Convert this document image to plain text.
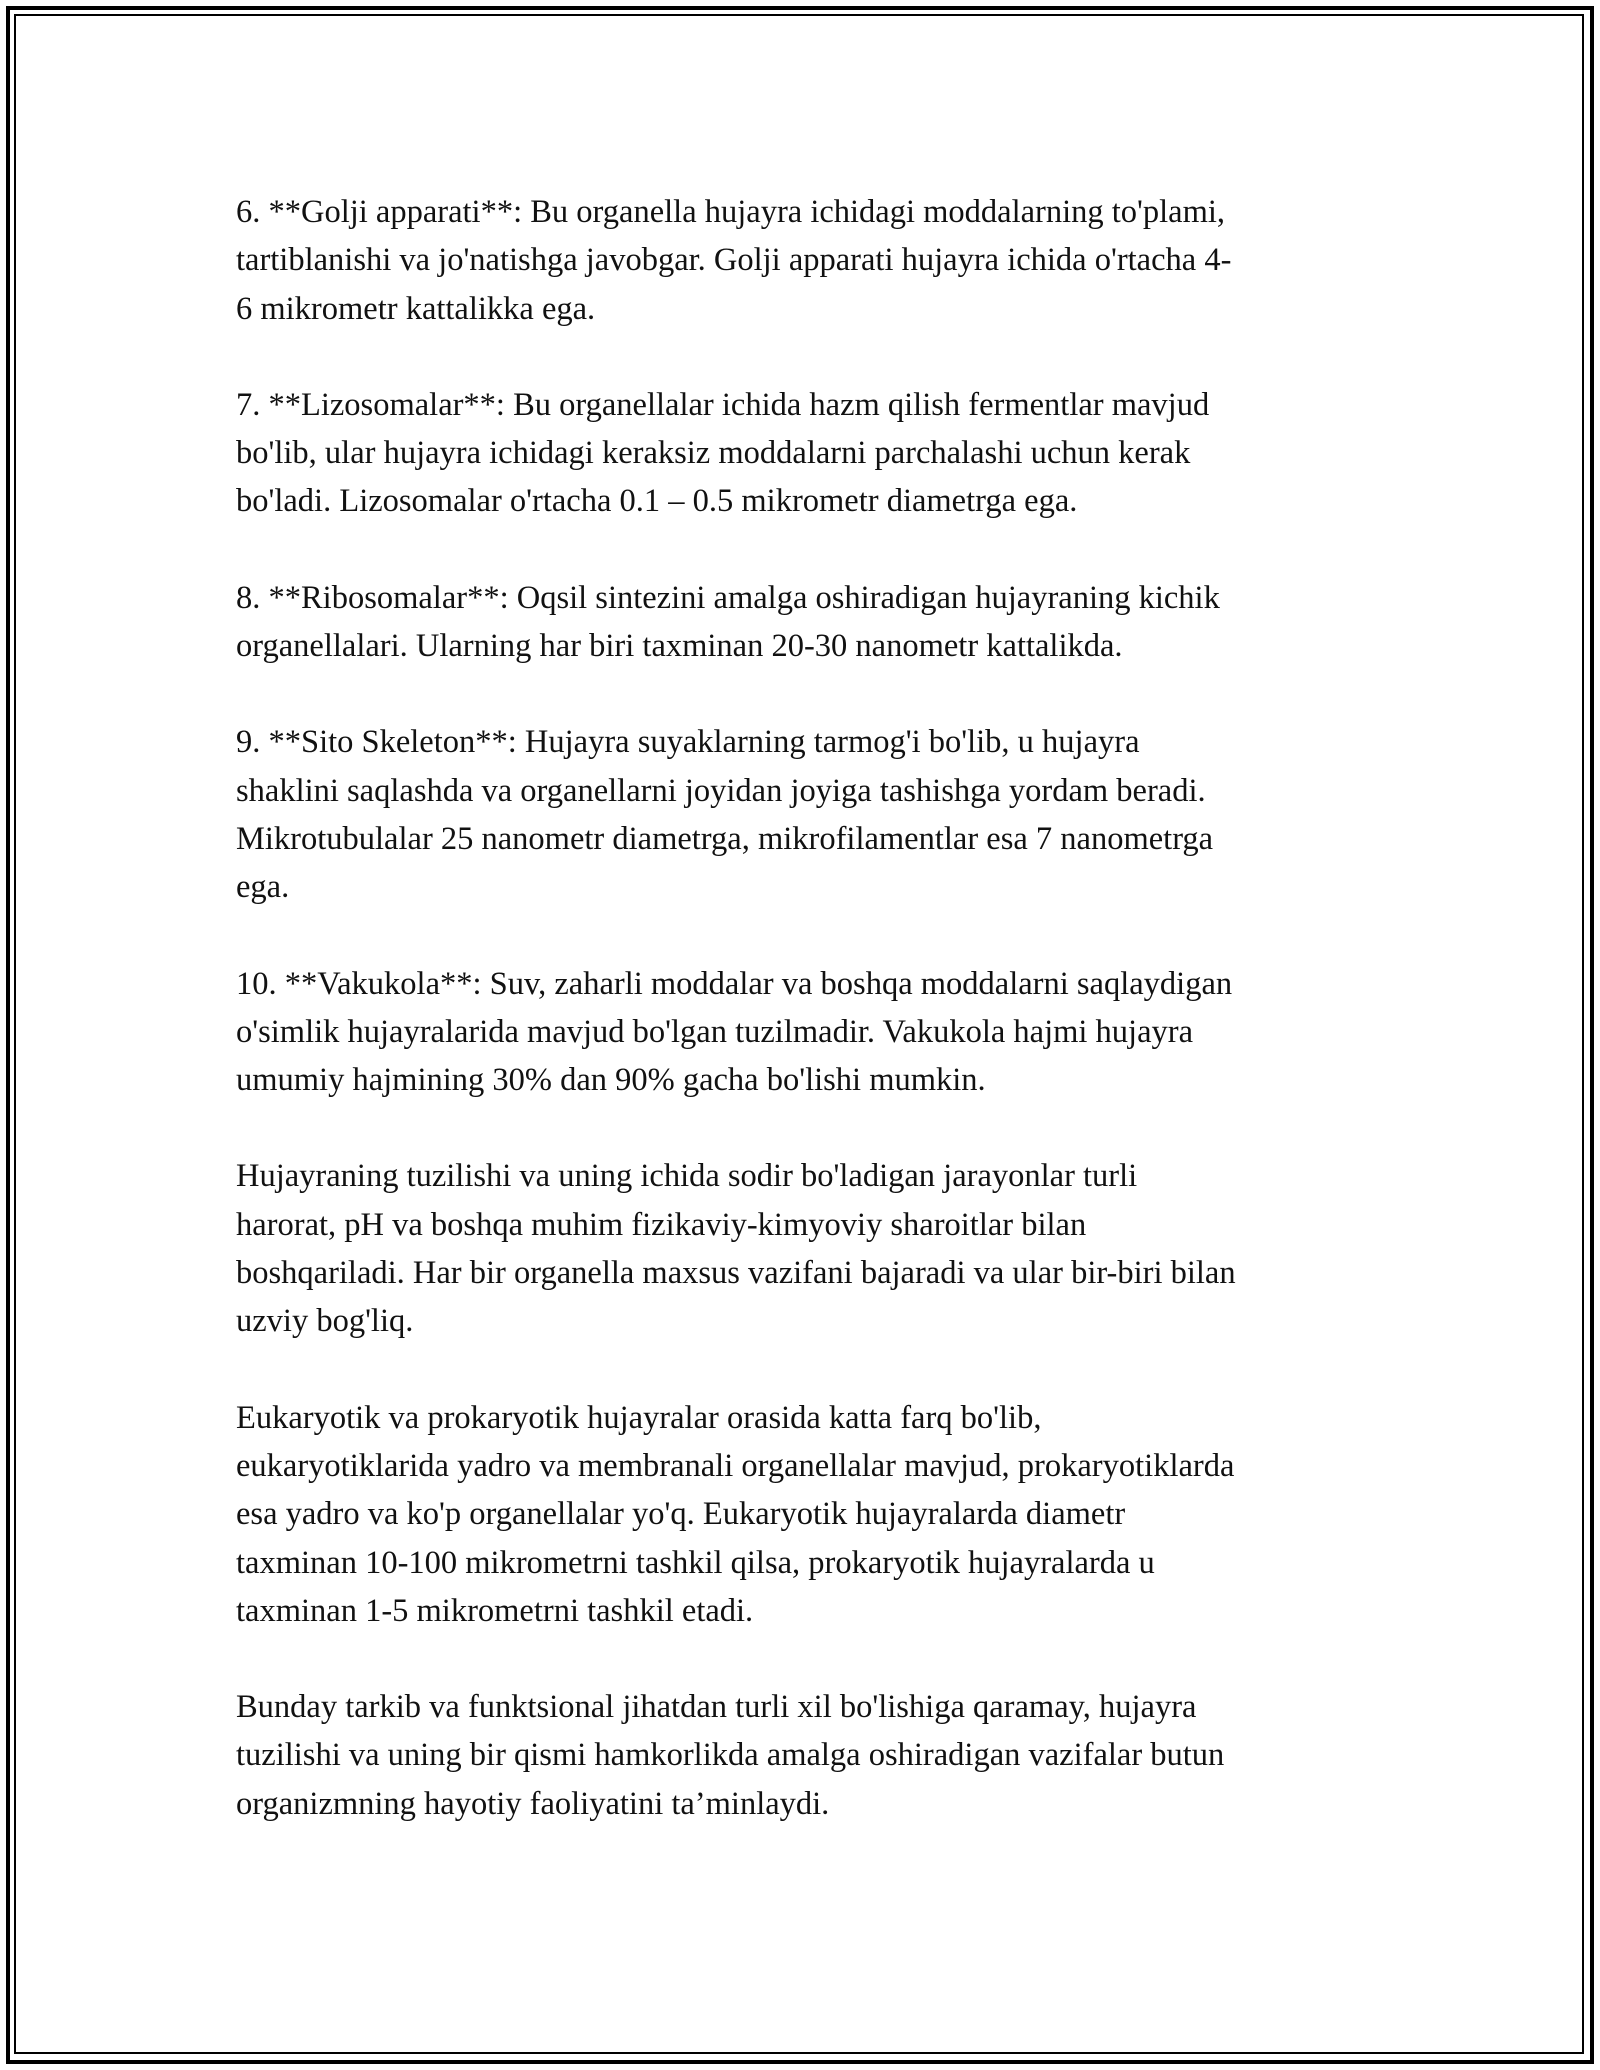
6. **Golji apparati**: Bu organella hujayra ichidagi moddalarning to'plami,
tartiblanishi va jo'natishga javobgar. Golji apparati hujayra ichida o'rtacha 4-
6 mikrometr kattalikka ega.

7. **Lizosomalar**: Bu organellalar ichida hazm qilish fermentlar mavjud
bo'lib, ular hujayra ichidagi keraksiz moddalarni parchalashi uchun kerak
bo'ladi. Lizosomalar o'rtacha 0.1 – 0.5 mikrometr diametrga ega.

8. **Ribosomalar**: Oqsil sintezini amalga oshiradigan hujayraning kichik
organellalari. Ularning har biri taxminan 20-30 nanometr kattalikda.

9. **Sito Skeleton**: Hujayra suyaklarning tarmog'i bo'lib, u hujayra
shaklini saqlashda va organellarni joyidan joyiga tashishga yordam beradi.
Mikrotubulalar 25 nanometr diametrga, mikrofilamentlar esa 7 nanometrga
ega.

10. **Vakukola**: Suv, zaharli moddalar va boshqa moddalarni saqlaydigan
o'simlik hujayralarida mavjud bo'lgan tuzilmadir. Vakukola hajmi hujayra
umumiy hajmining 30% dan 90% gacha bo'lishi mumkin.

Hujayraning tuzilishi va uning ichida sodir bo'ladigan jarayonlar turli
harorat, pH va boshqa muhim fizikaviy-kimyoviy sharoitlar bilan
boshqariladi. Har bir organella maxsus vazifani bajaradi va ular bir-biri bilan
uzviy bog'liq.

Eukaryotik va prokaryotik hujayralar orasida katta farq bo'lib,
eukaryotiklarida yadro va membranali organellalar mavjud, prokaryotiklarda
esa yadro va ko'p organellalar yo'q. Eukaryotik hujayralarda diametr
taxminan 10-100 mikrometrni tashkil qilsa, prokaryotik hujayralarda u
taxminan 1-5 mikrometrni tashkil etadi.

Bunday tarkib va funktsional jihatdan turli xil bo'lishiga qaramay, hujayra
tuzilishi va uning bir qismi hamkorlikda amalga oshiradigan vazifalar butun
organizmning hayotiy faoliyatini ta’minlaydi.
